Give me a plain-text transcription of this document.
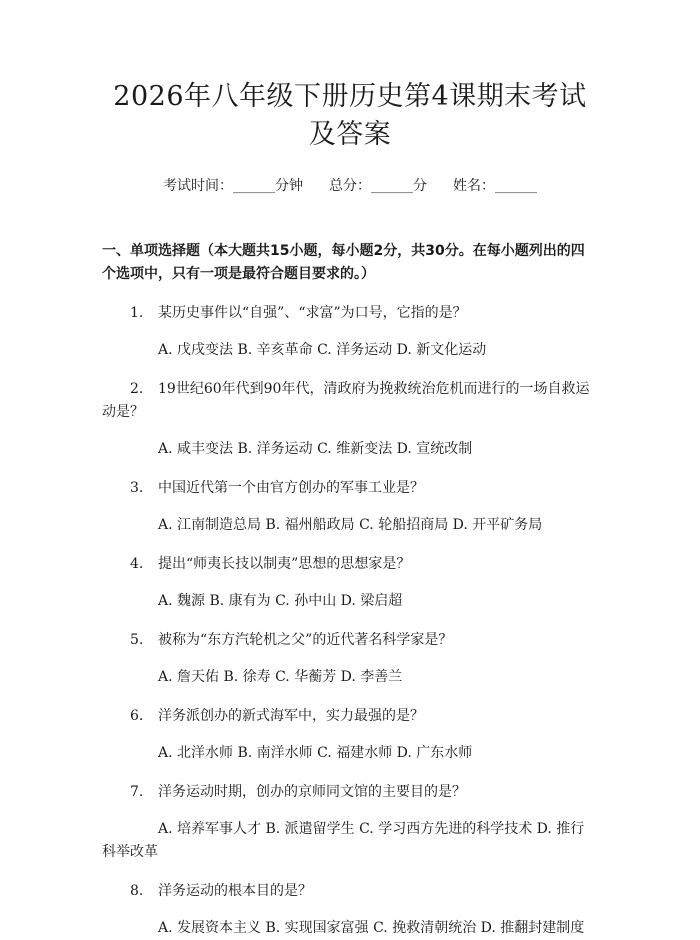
2026年八年级下册历史第4课期末考试及答案
考试时间：______分钟 总分：______分 姓名：______

一、单项选择题（本大题共15小题，每小题2分，共30分。在每小题列出的四个选项中，只有一项是最符合题目要求的。）

1. 某历史事件以“自强”、“求富”为口号，它指的是？

A. 戊戌变法 B. 辛亥革命 C. 洋务运动 D. 新文化运动

2. 19世纪60年代到90年代，清政府为挽救统治危机而进行的一场自救运动是？

A. 咸丰变法 B. 洋务运动 C. 维新变法 D. 宣统改制

3. 中国近代第一个由官方创办的军事工业是？

A. 江南制造总局 B. 福州船政局 C. 轮船招商局 D. 开平矿务局

4. 提出“师夷长技以制夷”思想的思想家是？

A. 魏源 B. 康有为 C. 孙中山 D. 梁启超

5. 被称为“东方汽轮机之父”的近代著名科学家是？

A. 詹天佑 B. 徐寿 C. 华蘅芳 D. 李善兰

6. 洋务派创办的新式海军中，实力最强的是？

A. 北洋水师 B. 南洋水师 C. 福建水师 D. 广东水师

7. 洋务运动时期，创办的京师同文馆的主要目的是？

A. 培养军事人才 B. 派遣留学生 C. 学习西方先进的科学技术 D. 推行科举改革

8. 洋务运动的根本目的是？

A. 发展资本主义 B. 实现国家富强 C. 挽救清朝统治 D. 推翻封建制度
